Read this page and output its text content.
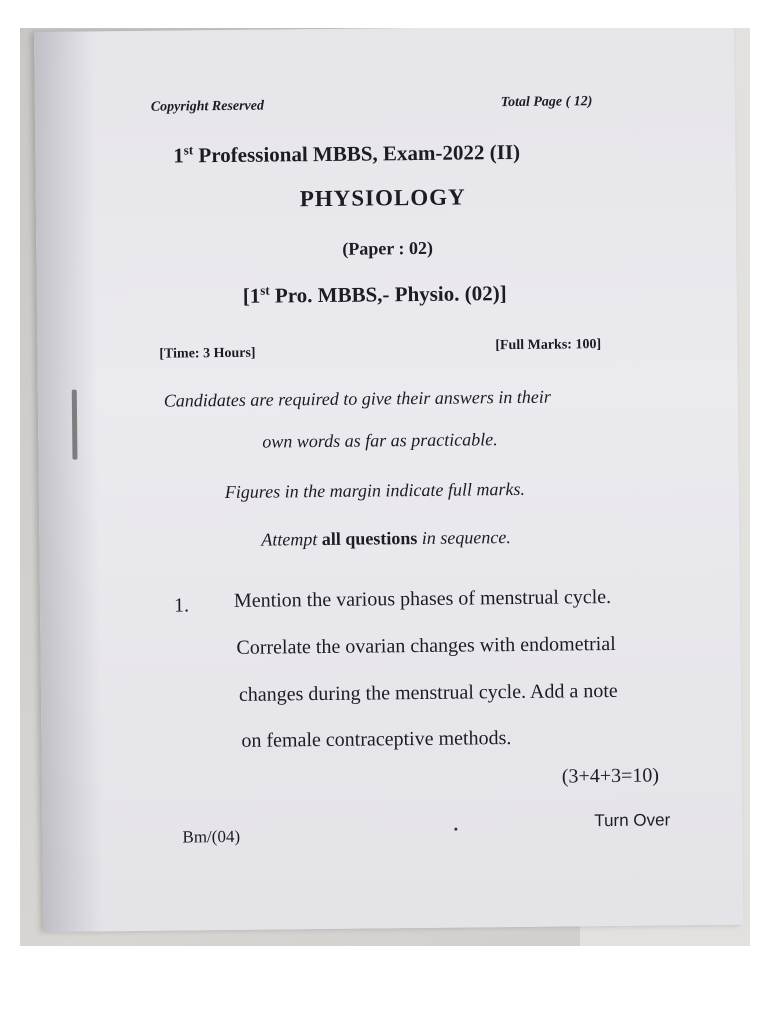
Copyright Reserved	Total Page ( 12)
1st Professional MBBS, Exam-2022 (II)
PHYSIOLOGY
(Paper : 02)
[1st Pro. MBBS,- Physio. (02)]
[Time: 3 Hours]
[Full Marks: 100]
Candidates are required to give their answers in their
own words as far as practicable.
Figures in the margin indicate full marks.
Attempt all questions in sequence.
1. Mention the various phases of menstrual cycle.
Correlate the ovarian changes with endometrial
changes during the menstrual cycle. Add a note
on female contraceptive methods.
(3+4+3=10)
Bm/(04)
Turn Over
